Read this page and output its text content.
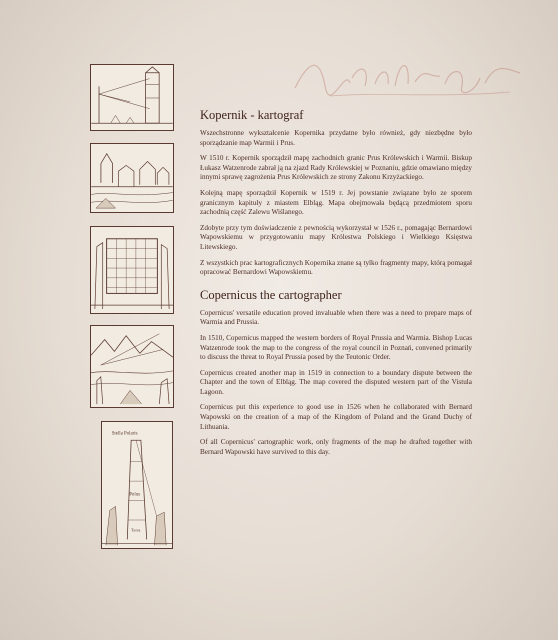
Stella Polaris
Polus
Terra
Kopernik - kartograf

Wszechstronne wykształcenie Kopernika przydatne było również, gdy niezbędne było sporządzanie map Warmii i Prus.

W 1510 r. Kopernik sporządził mapę zachodnich granic Prus Królewskich i Warmii. Biskup Łukasz Watzenrode zabrał ją na zjazd Rady Królewskiej w Poznaniu, gdzie omawiano między innymi sprawę zagrożenia Prus Królewskich ze strony Zakonu Krzyżackiego.

Kolejną mapę sporządził Kopernik w 1519 r. Jej powstanie związane było ze sporem granicznym kapituły z miastem Elbląg. Mapa obejmowała będącą przedmiotem sporu zachodnią część Zalewu Wiślanego.

Zdobyte przy tym doświadczenie z pewnością wykorzystał w 1526 r., pomagając Bernardowi Wapowskiemu w przygotowaniu mapy Królestwa Polskiego i Wielkiego Księstwa Litewskiego.

Z wszystkich prac kartograficznych Kopernika znane są tylko fragmenty mapy, którą pomagał opracować Bernardowi Wapowskiemu.

Copernicus the cartographer

Copernicus' versatile education proved invaluable when there was a need to prepare maps of Warmia and Prussia.

In 1510, Copernicus mapped the western borders of Royal Prussia and Warmia. Bishop Lucas Watzenrode took the map to the congress of the royal council in Poznań, convened primarily to discuss the threat to Royal Prussia posed by the Teutonic Order.

Copernicus created another map in 1519 in connection to a boundary dispute between the Chapter and the town of Elbląg. The map covered the disputed western part of the Vistula Lagoon.

Copernicus put this experience to good use in 1526 when he collaborated with Bernard Wapowski on the creation of a map of the Kingdom of Poland and the Grand Duchy of Lithuania.

Of all Copernicus' cartographic work, only fragments of the map he drafted together with Bernard Wapowski have survived to this day.
